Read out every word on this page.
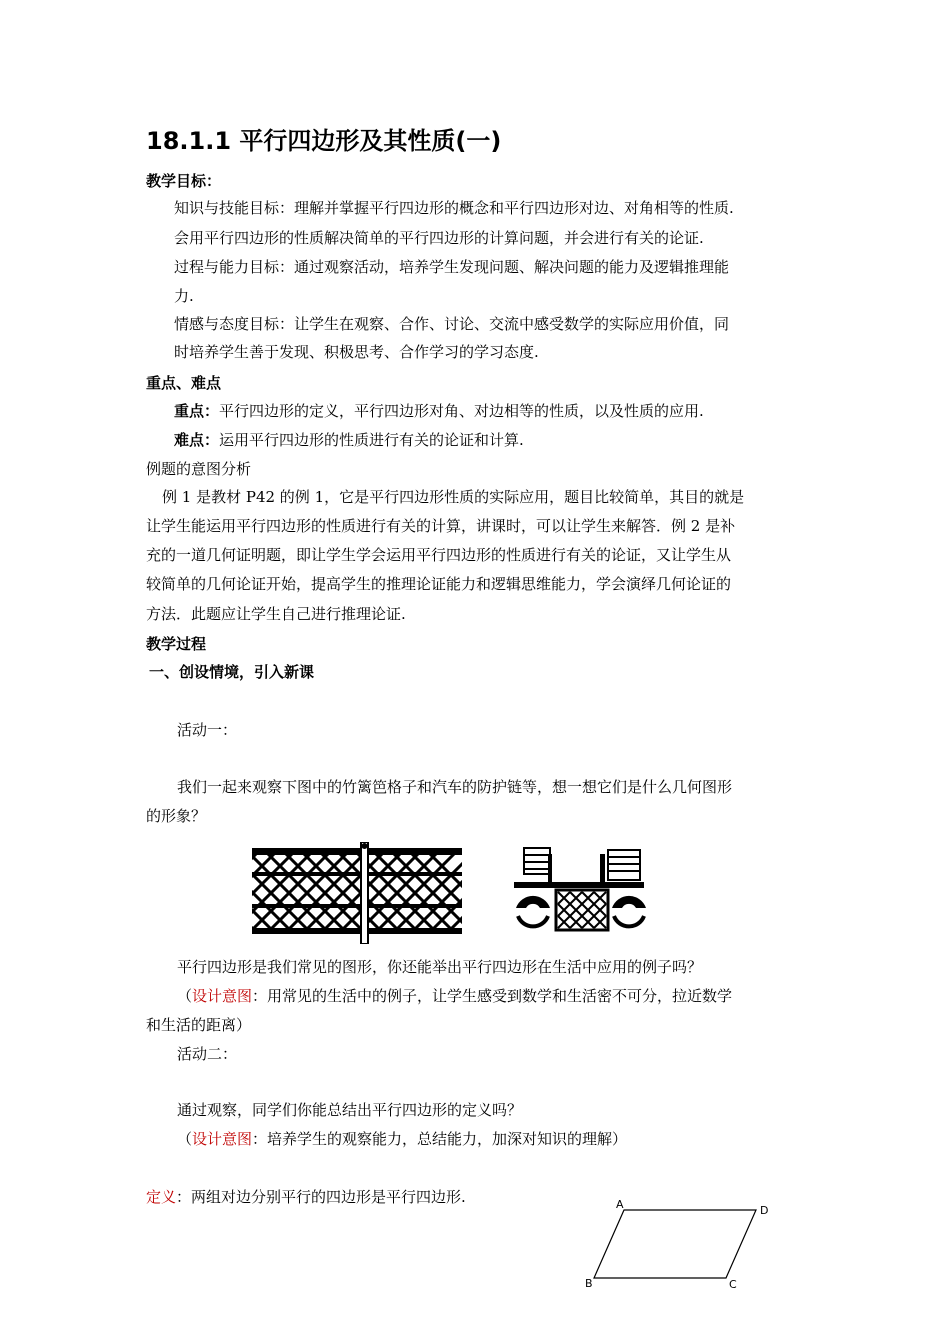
18.1.1 平行四边形及其性质(一)
教学目标：
知识与技能目标：理解并掌握平行四边形的概念和平行四边形对边、对角相等的性质.
会用平行四边形的性质解决简单的平行四边形的计算问题，并会进行有关的论证.
过程与能力目标：通过观察活动，培养学生发现问题、解决问题的能力及逻辑推理能
力.
情感与态度目标：让学生在观察、合作、讨论、交流中感受数学的实际应用价值，同
时培养学生善于发现、积极思考、合作学习的学习态度.
重点、难点
重点：平行四边形的定义，平行四边形对角、对边相等的性质，以及性质的应用.
难点：运用平行四边形的性质进行有关的论证和计算.
例题的意图分析
例 1 是教材 P42 的例 1，它是平行四边形性质的实际应用，题目比较简单，其目的就是
让学生能运用平行四边形的性质进行有关的计算，讲课时，可以让学生来解答．例 2 是补
充的一道几何证明题，即让学生学会运用平行四边形的性质进行有关的论证，又让学生从
较简单的几何论证开始，提高学生的推理论证能力和逻辑思维能力，学会演绎几何论证的
方法．此题应让学生自己进行推理论证.
教学过程
一、创设情境，引入新课
活动一：
我们一起来观察下图中的竹篱笆格子和汽车的防护链等，想一想它们是什么几何图形
的形象？
平行四边形是我们常见的图形，你还能举出平行四边形在生活中应用的例子吗？
（设计意图：用常见的生活中的例子，让学生感受到数学和生活密不可分，拉近数学
和生活的距离）
活动二：
通过观察，同学们你能总结出平行四边形的定义吗？
（设计意图：培养学生的观察能力，总结能力，加深对知识的理解）
定义：两组对边分别平行的四边形是平行四边形.	A
B	C
D
